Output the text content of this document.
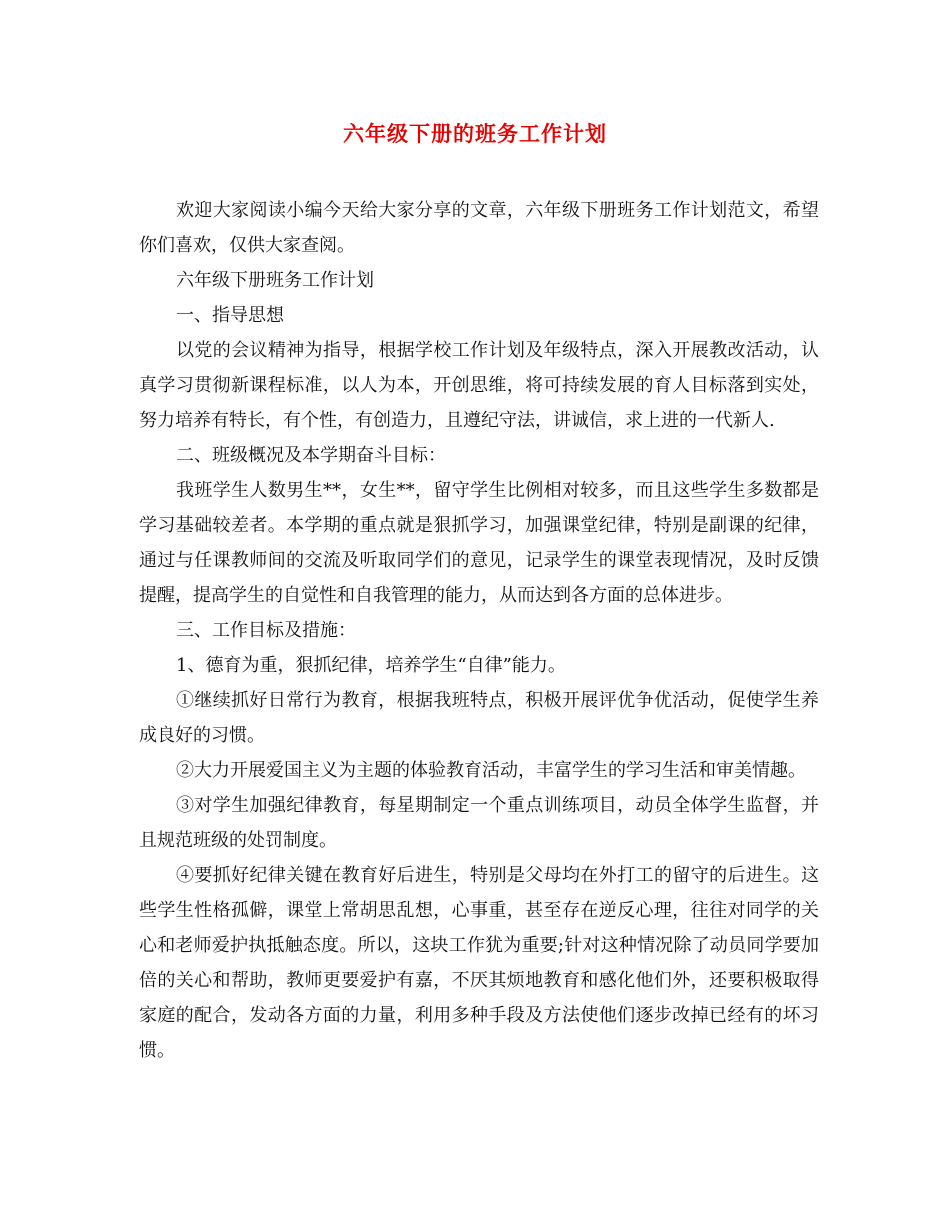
六年级下册的班务工作计划

欢迎大家阅读小编今天给大家分享的文章，六年级下册班务工作计划范文，希望你们喜欢，仅供大家查阅。

六年级下册班务工作计划

一、指导思想

以党的会议精神为指导，根据学校工作计划及年级特点，深入开展教改活动，认真学习贯彻新课程标准，以人为本，开创思维，将可持续发展的育人目标落到实处，努力培养有特长，有个性，有创造力，且遵纪守法，讲诚信，求上进的一代新人.

二、班级概况及本学期奋斗目标：

我班学生人数男生**，女生**，留守学生比例相对较多，而且这些学生多数都是学习基础较差者。本学期的重点就是狠抓学习，加强课堂纪律，特别是副课的纪律，通过与任课教师间的交流及听取同学们的意见，记录学生的课堂表现情况，及时反馈提醒，提高学生的自觉性和自我管理的能力，从而达到各方面的总体进步。

三、工作目标及措施：

1、德育为重，狠抓纪律，培养学生“自律”能力。

①继续抓好日常行为教育，根据我班特点，积极开展评优争优活动，促使学生养成良好的习惯。

②大力开展爱国主义为主题的体验教育活动，丰富学生的学习生活和审美情趣。

③对学生加强纪律教育，每星期制定一个重点训练项目，动员全体学生监督，并且规范班级的处罚制度。

④要抓好纪律关键在教育好后进生，特别是父母均在外打工的留守的后进生。这些学生性格孤僻，课堂上常胡思乱想，心事重，甚至存在逆反心理，往往对同学的关心和老师爱护执抵触态度。所以，这块工作犹为重要;针对这种情况除了动员同学要加倍的关心和帮助，教师更要爱护有嘉，不厌其烦地教育和感化他们外，还要积极取得家庭的配合，发动各方面的力量，利用多种手段及方法使他们逐步改掉已经有的坏习惯。
